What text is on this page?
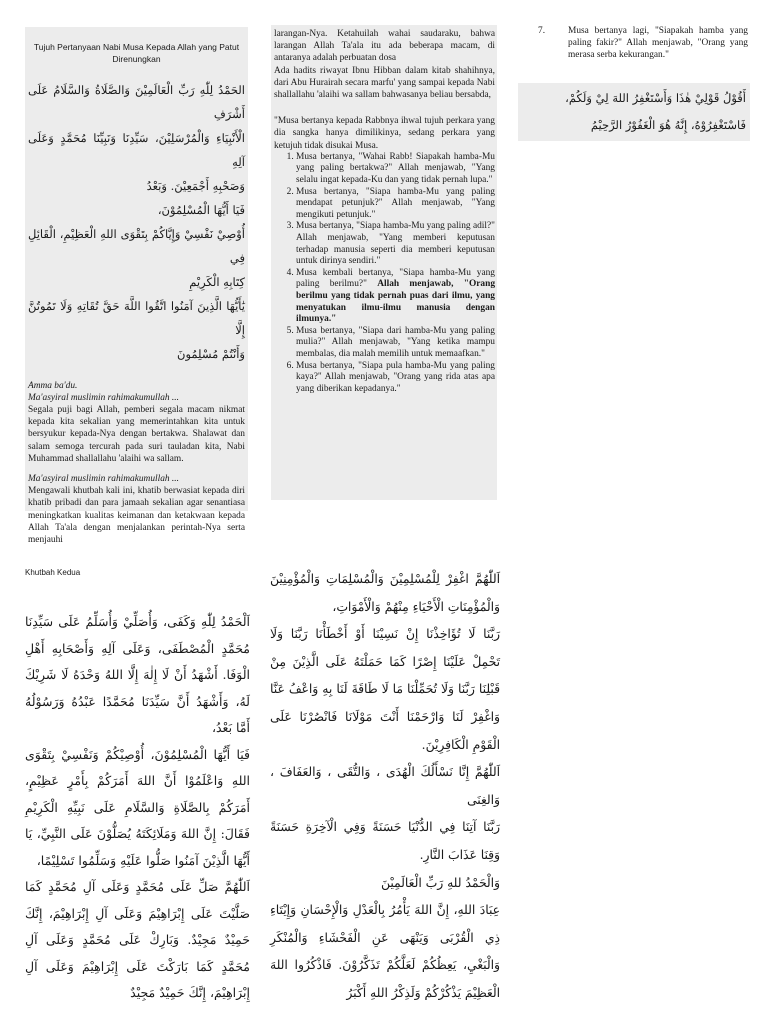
Tujuh Pertanyaan Nabi Musa Kepada Allah yang Patut Direnungkan
الحَمْدُ لِلّٰهِ رَبِّ الْعَالَمِيْنَ وَالصَّلَاةُ وَالسَّلَامُ عَلَى أَشْرَفِ
الْأَنْبِيَاءِ وَالْمُرْسَلِيْنَ، سَيِّدِنَا وَنَبِيِّنَا مُحَمَّدٍ وَعَلَى آلِهِ
وَصَحْبِهِ أَجْمَعِيْنَ. وَبَعْدُ
فَيَا أَيُّهَا الْمُسْلِمُوْنَ،
أُوْصِيْ نَفْسِيْ وَإِيَّاكُمْ بِتَقْوَى اللهِ الْعَظِيْمِ، الْقَائِلِ فِي
كِتَابِهِ الْكَرِيْمِ
يَٰأَيُّهَا الَّذِينَ آمَنُوا اتَّقُوا اللَّهَ حَقَّ تُقَاتِهِ وَلَا تَمُوتُنَّ إِلَّا
وَأَنْتُمْ مُسْلِمُونَ

Amma ba'du.

Ma'asyiral muslimin rahimakumullah ...

Segala puji bagi Allah, pemberi segala macam nikmat kepada kita sekalian yang memerintahkan kita untuk bersyukur kepada-Nya dengan bertakwa. Shalawat dan salam semoga tercurah pada suri tauladan kita, Nabi Muhammad shallallahu 'alaihi wa sallam.

Ma'asyiral muslimin rahimakumullah ...

Mengawali khutbah kali ini, khatib berwasiat kepada diri khatib pribadi dan para jamaah sekalian agar senantiasa meningkatkan kualitas keimanan dan ketakwaan kepada Allah Ta'ala dengan menjalankan perintah-Nya serta menjauhi

larangan-Nya. Ketahuilah wahai saudaraku, bahwa larangan Allah Ta'ala itu ada beberapa macam, di antaranya adalah perbuatan dosa

Ada hadits riwayat Ibnu Hibban dalam kitab shahihnya, dari Abu Hurairah secara marfu' yang sampai kepada Nabi shallallahu 'alaihi wa sallam bahwasanya beliau bersabda,

"Musa bertanya kepada Rabbnya ihwal tujuh perkara yang dia sangka hanya dimilikinya, sedang perkara yang ketujuh tidak disukai Musa.

1. Musa bertanya, "Wahai Rabb! Siapakah hamba-Mu yang paling bertakwa?" Allah menjawab, "Yang selalu ingat kepada-Ku dan yang tidak pernah lupa."
2. Musa bertanya, "Siapa hamba-Mu yang paling mendapat petunjuk?" Allah menjawab, "Yang mengikuti petunjuk."
3. Musa bertanya, "Siapa hamba-Mu yang paling adil?" Allah menjawab, "Yang memberi keputusan terhadap manusia seperti dia memberi keputusan untuk dirinya sendiri."
4. Musa kembali bertanya, "Siapa hamba-Mu yang paling berilmu?" Allah menjawab, "Orang berilmu yang tidak pernah puas dari ilmu, yang menyatukan ilmu-ilmu manusia dengan ilmunya."
5. Musa bertanya, "Siapa dari hamba-Mu yang paling mulia?" Allah menjawab, "Yang ketika mampu membalas, dia malah memilih untuk memaafkan."
6. Musa bertanya, "Siapa pula hamba-Mu yang paling kaya?" Allah menjawab, "Orang yang rida atas apa yang diberikan kepadanya."
7.	Musa bertanya lagi, "Siapakah hamba yang paling fakir?" Allah menjawab, "Orang yang merasa serba kekurangan."

أَقُوْلُ قَوْلِيْ هٰذَا وَأَسْتَغْفِرُ اللهَ لِيْ وَلَكُمْ، فَاسْتَغْفِرُوْهُ، إِنَّهُ هُوَ الْغَفُوْرُ الرَّحِيْمُ

Khutbah Kedua

اَلْحَمْدُ لِلّٰهِ وَكَفَى، وَأُصَلِّيْ وَأُسَلِّمُ عَلَى سَيِّدِنَا مُحَمَّدٍ الْمُصْطَفَى، وَعَلَى آلِهِ وَأَصْحَابِهِ أَهْلِ الْوَفَا. أَشْهَدُ أَنْ لَا إِلٰهَ إِلَّا اللهُ وَحْدَهُ لَا شَرِيْكَ لَهُ، وَأَشْهَدُ أَنَّ سَيِّدَنَا مُحَمَّدًا عَبْدُهُ وَرَسُوْلُهُ أَمَّا بَعْدُ،

فَيَا أَيُّهَا الْمُسْلِمُوْنَ، أُوْصِيْكُمْ وَنَفْسِيْ بِتَقْوَى اللهِ وَاعْلَمُوْا أَنَّ اللهَ أَمَرَكُمْ بِأَمْرٍ عَظِيْمٍ، أَمَرَكُمْ بِالصَّلَاةِ وَالسَّلَامِ عَلَى نَبِيِّهِ الْكَرِيْمِ فَقَالَ: إِنَّ اللهَ وَمَلَائِكَتَهُ يُصَلُّوْنَ عَلَى النَّبِيِّ، يَا أَيُّهَا الَّذِيْنَ آمَنُوا صَلُّوا عَلَيْهِ وَسَلِّمُوا تَسْلِيْمًا،

اَللّٰهُمَّ صَلِّ عَلَى مُحَمَّدٍ وَعَلَى آلِ مُحَمَّدٍ كَمَا صَلَّيْتَ عَلَى إِبْرَاهِيْمَ وَعَلَى آلِ إِبْرَاهِيْمَ، إِنَّكَ حَمِيْدٌ مَجِيْدٌ. وَبَارِكْ عَلَى مُحَمَّدٍ وَعَلَى آلِ مُحَمَّدٍ كَمَا بَارَكْتَ عَلَى إِبْرَاهِيْمَ وَعَلَى آلِ إِبْرَاهِيْمَ، إِنَّكَ حَمِيْدٌ مَجِيْدٌ

اَللّٰهُمَّ اغْفِرْ لِلْمُسْلِمِيْنَ وَالْمُسْلِمَاتِ وَالْمُؤْمِنِيْنَ وَالْمُؤْمِنَاتِ الْأَحْيَاءِ مِنْهُمْ وَالْأَمْوَاتِ،

رَبَّنَا لَا تُؤَاخِذْنَا إِنْ نَسِيْنَا أَوْ أَخْطَأْنَا رَبَّنَا وَلَا تَحْمِلْ عَلَيْنَا إِصْرًا كَمَا حَمَلْتَهُ عَلَى الَّذِيْنَ مِنْ قَبْلِنَا رَبَّنَا وَلَا تُحَمِّلْنَا مَا لَا طَاقَةَ لَنَا بِهِ وَاعْفُ عَنَّا وَاغْفِرْ لَنَا وَارْحَمْنَا أَنْتَ مَوْلَانَا فَانْصُرْنَا عَلَى الْقَوْمِ الْكَافِرِيْنَ.

اَللّٰهُمَّ إِنَّا نَسْأَلُكَ الْهُدَى ، وَالتُّقَى ، وَالعَفَافَ ، وَالغِنَى

رَبَّنَا آتِنَا فِي الدُّنْيَا حَسَنَةً وَفِي الْآخِرَةِ حَسَنَةً وَقِنَا عَذَابَ النَّارِ.

وَالْحَمْدُ للهِ رَبِّ الْعَالَمِيْنَ

عِبَادَ اللهِ، إِنَّ اللهَ يَأْمُرُ بِالْعَدْلِ وَالْإِحْسَانِ وَإِيْتَاءِ ذِي الْقُرْبَى وَيَنْهَى عَنِ الْفَحْشَاءِ وَالْمُنْكَرِ وَالْبَغْيِ، يَعِظُكُمْ لَعَلَّكُمْ تَذَكَّرُوْنَ. فَاذْكُرُوا اللهَ الْعَظِيْمَ يَذْكُرْكُمْ وَلَذِكْرُ اللهِ أَكْبَرُ
